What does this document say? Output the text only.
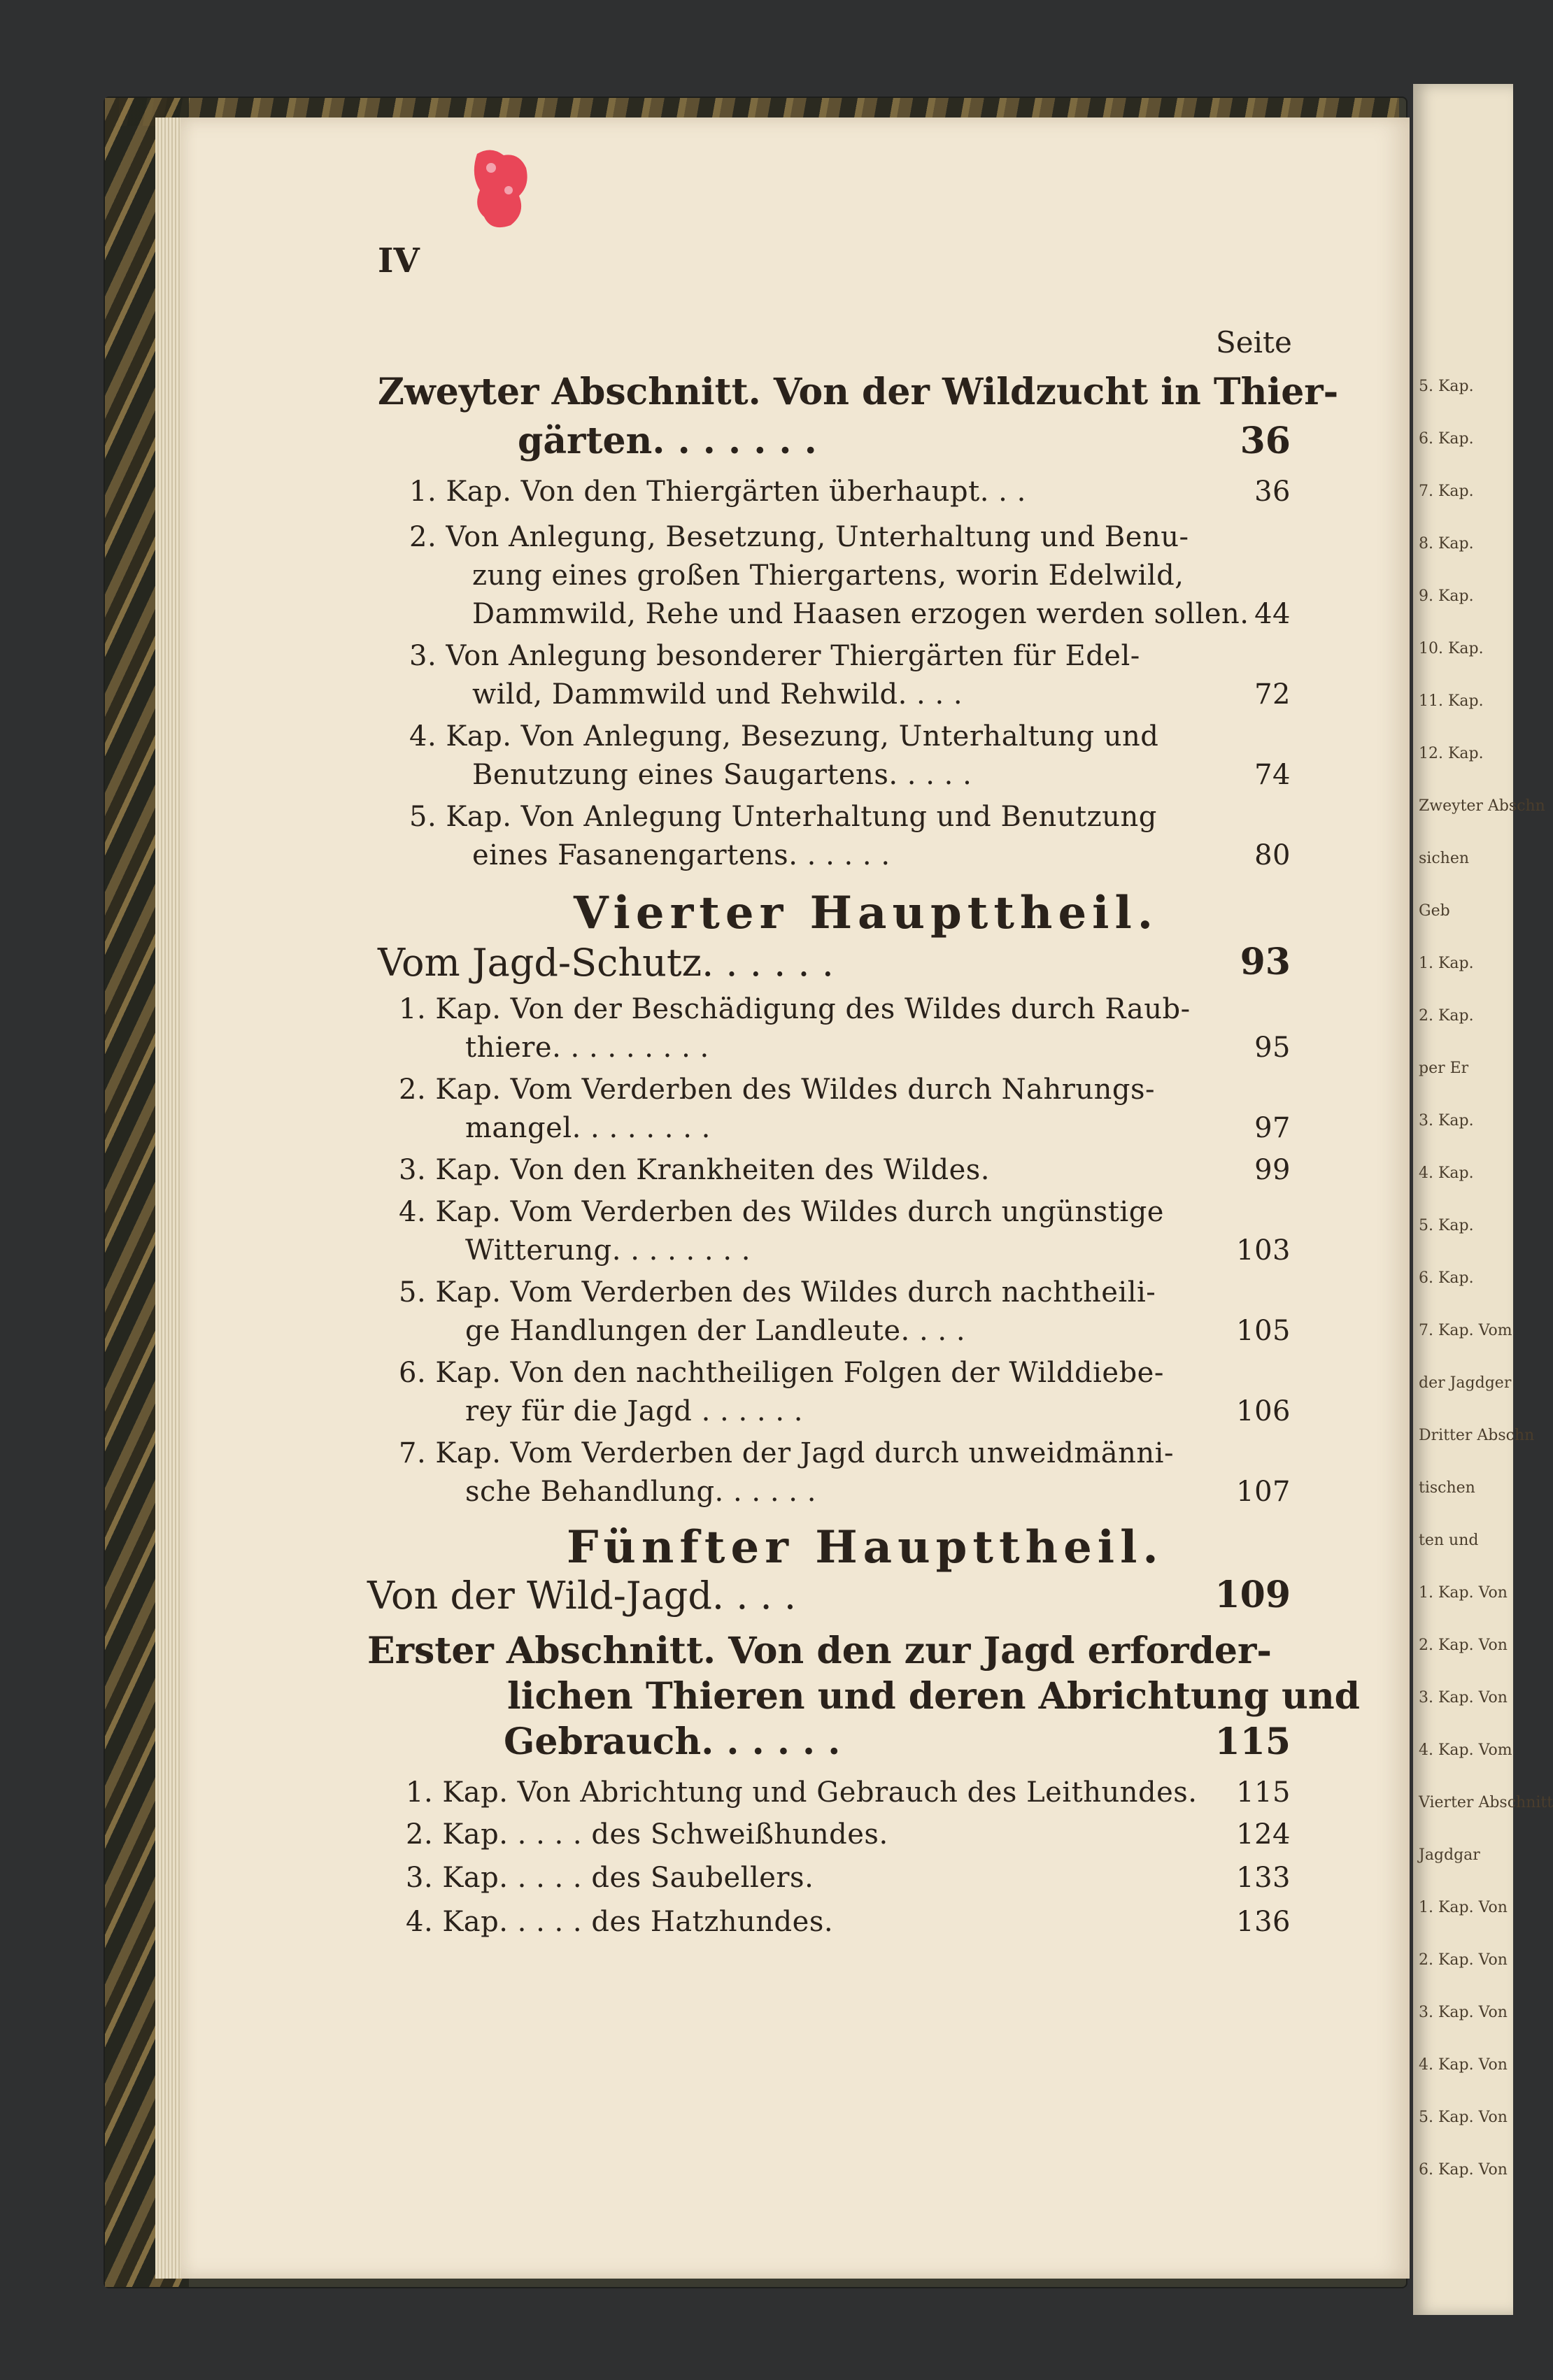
5. Kap.
6. Kap.
7. Kap.
8. Kap.
9. Kap.
10. Kap.
11. Kap.
12. Kap.
Zweyter Abschn
sichen
Geb
1. Kap.
2. Kap.
per Er
3. Kap.
4. Kap.
5. Kap.
6. Kap.
7. Kap. Vom
der Jagdger
Dritter Abschn
tischen
ten und
1. Kap. Von
2. Kap. Von
3. Kap. Von
4. Kap. Vom
Vierter Abschnitt
Jagdgar
1. Kap. Von
2. Kap. Von
3. Kap. Von
4. Kap. Von
5. Kap. Von
6. Kap. Von
IV
Seite
Zweyter Abschnitt. Von der Wildzucht in Thier-
gärten. . . . . . .	36
1. Kap. Von den Thiergärten überhaupt. . .	36
2. Von Anlegung, Besetzung, Unterhaltung und Benu-
zung eines großen Thiergartens, worin Edelwild,
Dammwild, Rehe und Haasen erzogen werden sollen. 44
3. Von Anlegung besonderer Thiergärten für Edel-
wild, Dammwild und Rehwild. . . .	72
4. Kap. Von Anlegung, Besezung, Unterhaltung und
Benutzung eines Saugartens. . . . .	74
5. Kap. Von Anlegung Unterhaltung und Benutzung
eines Fasanengartens. . . . . .	80
Vierter Haupttheil.
Vom Jagd-Schutz. . . . . .	93
1. Kap. Von der Beschädigung des Wildes durch Raub-
thiere. . . . . . . . .	95
2. Kap. Vom Verderben des Wildes durch Nahrungs-
mangel. . . . . . . .	97
3. Kap. Von den Krankheiten des Wildes.	99
4. Kap. Vom Verderben des Wildes durch ungünstige
Witterung. . . . . . . .	103
5. Kap. Vom Verderben des Wildes durch nachtheili-
ge Handlungen der Landleute. . . .	105
6. Kap. Von den nachtheiligen Folgen der Wilddiebe-
rey für die Jagd . . . . . .	106
7. Kap. Vom Verderben der Jagd durch unweidmänni-
sche Behandlung. . . . . .	107
Fünfter Haupttheil.
Von der Wild-Jagd. . . .	109
Erster Abschnitt. Von den zur Jagd erforder-
lichen Thieren und deren Abrichtung und
Gebrauch. . . . . .	115
1. Kap. Von Abrichtung und Gebrauch des Leithundes. 115
2. Kap. . . . . des Schweißhundes.	124
3. Kap. . . . . des Saubellers.	133
4. Kap. . . . . des Hatzhundes.	136
